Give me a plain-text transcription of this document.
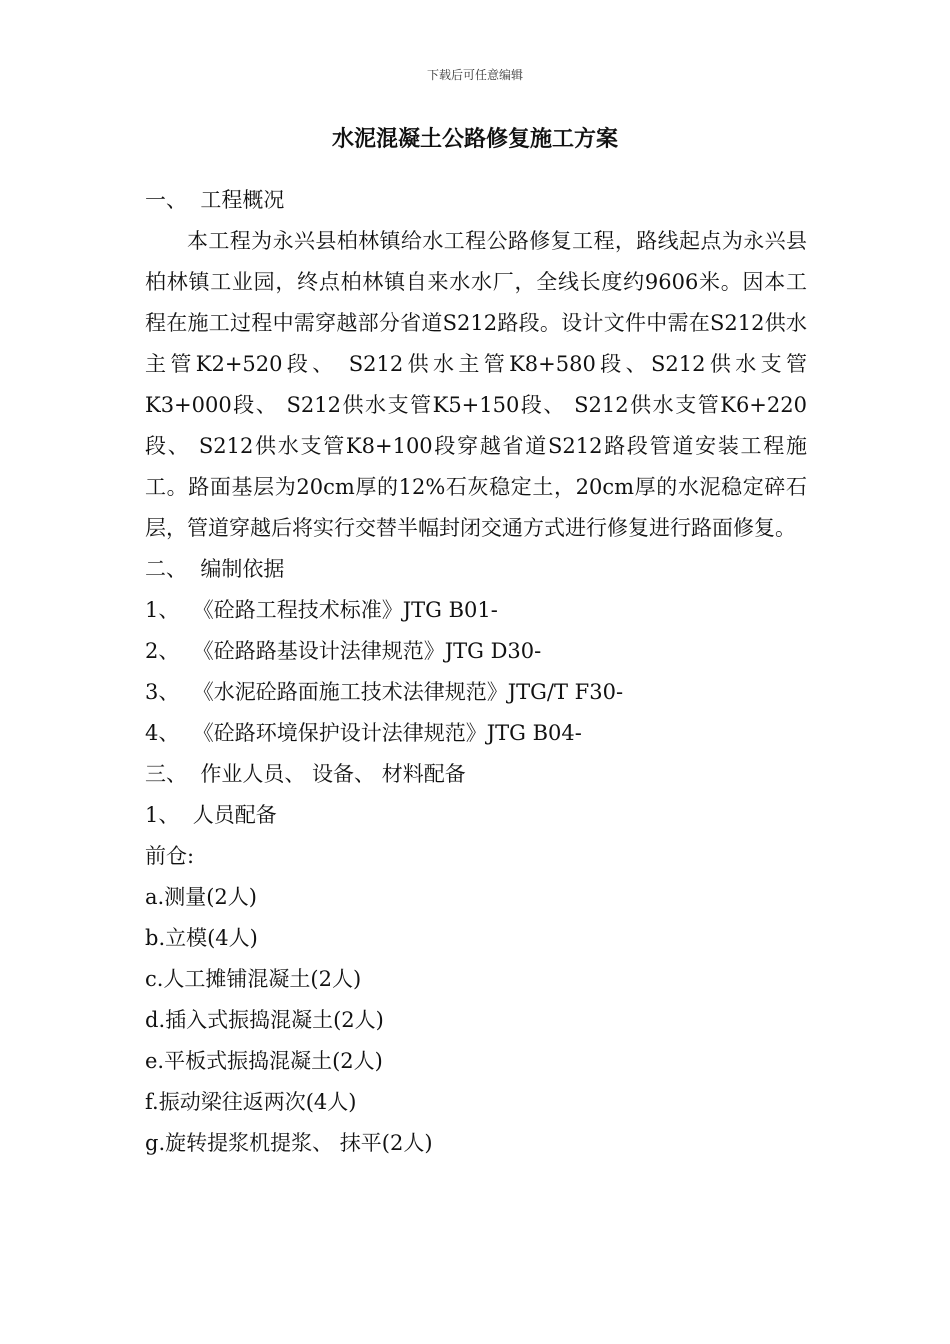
下载后可任意编辑
水泥混凝土公路修复施工方案
一、  工程概况

本工程为永兴县柏林镇给水工程公路修复工程，路线起点为永兴县柏林镇工业园，终点柏林镇自来水水厂，全线长度约9606米。因本工程在施工过程中需穿越部分省道S212路段。设计文件中需在S212供水主管K2+520段、 S212供水主管K8+580段、S212供水支管K3+000段、 S212供水支管K5+150段、 S212供水支管K6+220段、 S212供水支管K8+100段穿越省道S212路段管道安装工程施工。路面基层为20cm厚的12%石灰稳定土，20cm厚的水泥稳定碎石层，管道穿越后将实行交替半幅封闭交通方式进行修复进行路面修复。

二、  编制依据
1、  《砼路工程技术标准》JTG B01-
2、  《砼路路基设计法律规范》JTG D30-
3、  《水泥砼路面施工技术法律规范》JTG/T F30-
4、  《砼路环境保护设计法律规范》JTG B04-
三、  作业人员、 设备、 材料配备
1、  人员配备
前仓:
a.测量(2人)
b.立模(4人)
c.人工摊铺混凝土(2人)
d.插入式振捣混凝土(2人)
e.平板式振捣混凝土(2人)
f.振动梁往返两次(4人)
g.旋转提浆机提浆、 抹平(2人)
